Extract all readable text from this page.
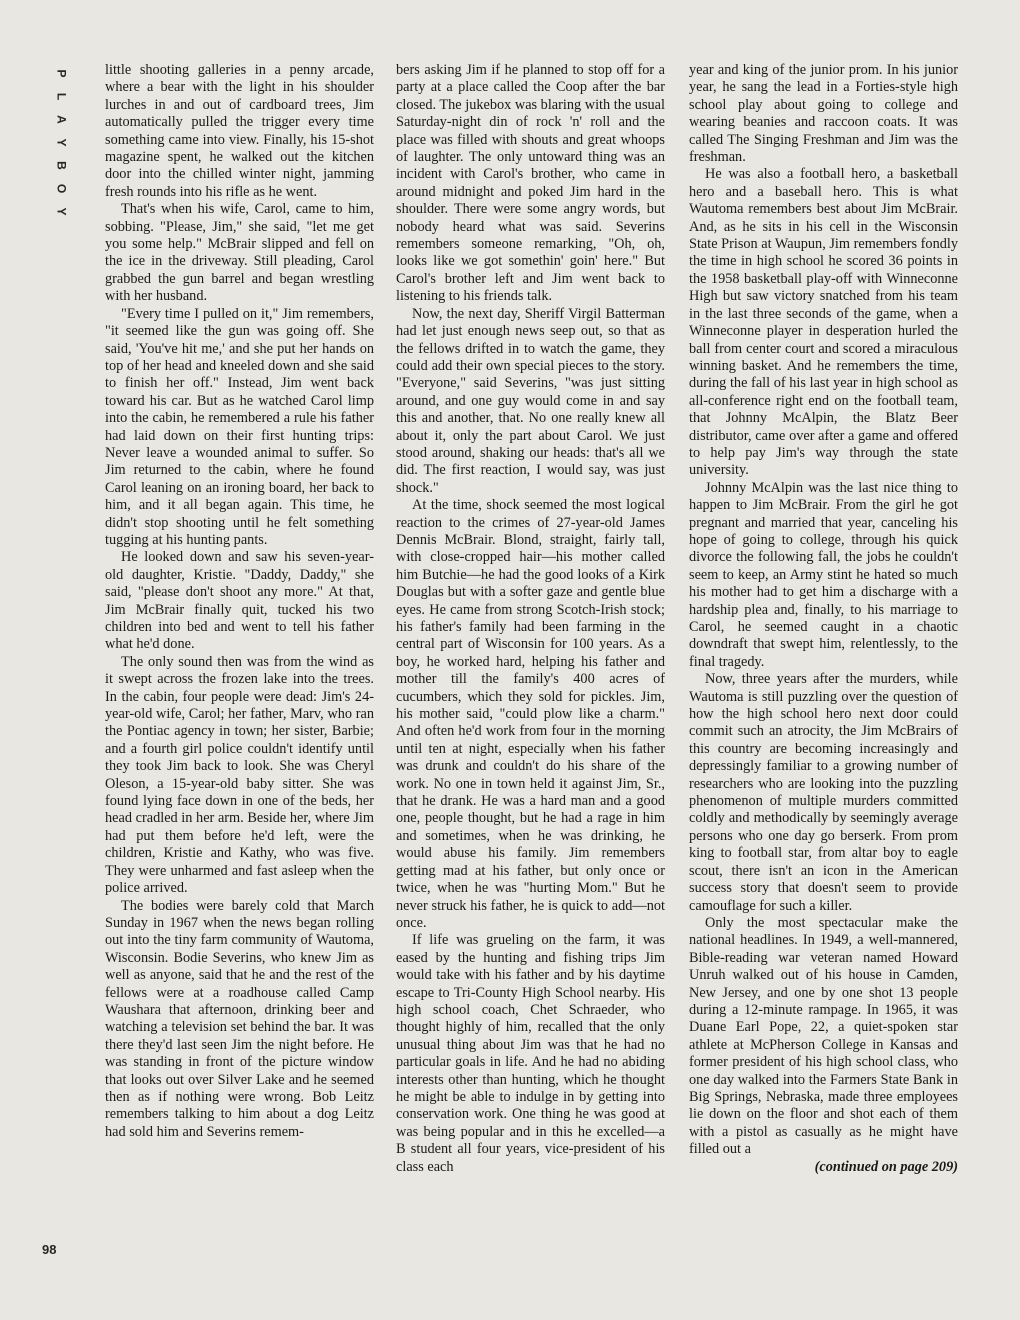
P
L
A
Y
B
O
Y

little shooting galleries in a penny arcade, where a bear with the light in his shoulder lurches in and out of cardboard trees, Jim automatically pulled the trigger every time something came into view. Finally, his 15-shot magazine spent, he walked out the kitchen door into the chilled winter night, jamming fresh rounds into his rifle as he went.

That's when his wife, Carol, came to him, sobbing. "Please, Jim," she said, "let me get you some help." McBrair slipped and fell on the ice in the driveway. Still pleading, Carol grabbed the gun barrel and began wrestling with her husband.

"Every time I pulled on it," Jim remembers, "it seemed like the gun was going off. She said, 'You've hit me,' and she put her hands on top of her head and kneeled down and she said to finish her off." Instead, Jim went back toward his car. But as he watched Carol limp into the cabin, he remembered a rule his father had laid down on their first hunting trips: Never leave a wounded animal to suffer. So Jim returned to the cabin, where he found Carol leaning on an ironing board, her back to him, and it all began again. This time, he didn't stop shooting until he felt something tugging at his hunting pants.

He looked down and saw his seven-year-old daughter, Kristie. "Daddy, Daddy," she said, "please don't shoot any more." At that, Jim McBrair finally quit, tucked his two children into bed and went to tell his father what he'd done.

The only sound then was from the wind as it swept across the frozen lake into the trees. In the cabin, four people were dead: Jim's 24-year-old wife, Carol; her father, Marv, who ran the Pontiac agency in town; her sister, Barbie; and a fourth girl police couldn't identify until they took Jim back to look. She was Cheryl Oleson, a 15-year-old baby sitter. She was found lying face down in one of the beds, her head cradled in her arm. Beside her, where Jim had put them before he'd left, were the children, Kristie and Kathy, who was five. They were unharmed and fast asleep when the police arrived.

The bodies were barely cold that March Sunday in 1967 when the news began rolling out into the tiny farm community of Wautoma, Wisconsin. Bodie Severins, who knew Jim as well as anyone, said that he and the rest of the fellows were at a roadhouse called Camp Waushara that afternoon, drinking beer and watching a television set behind the bar. It was there they'd last seen Jim the night before. He was standing in front of the picture window that looks out over Silver Lake and he seemed then as if nothing were wrong. Bob Leitz remembers talking to him about a dog Leitz had sold him and Severins remem-

bers asking Jim if he planned to stop off for a party at a place called the Coop after the bar closed. The jukebox was blaring with the usual Saturday-night din of rock 'n' roll and the place was filled with shouts and great whoops of laughter. The only untoward thing was an incident with Carol's brother, who came in around midnight and poked Jim hard in the shoulder. There were some angry words, but nobody heard what was said. Severins remembers someone remarking, "Oh, oh, looks like we got somethin' goin' here." But Carol's brother left and Jim went back to listening to his friends talk.

Now, the next day, Sheriff Virgil Batterman had let just enough news seep out, so that as the fellows drifted in to watch the game, they could add their own special pieces to the story. "Everyone," said Severins, "was just sitting around, and one guy would come in and say this and another, that. No one really knew all about it, only the part about Carol. We just stood around, shaking our heads: that's all we did. The first reaction, I would say, was just shock."

At the time, shock seemed the most logical reaction to the crimes of 27-year-old James Dennis McBrair. Blond, straight, fairly tall, with close-cropped hair—his mother called him Butchie—he had the good looks of a Kirk Douglas but with a softer gaze and gentle blue eyes. He came from strong Scotch-Irish stock; his father's family had been farming in the central part of Wisconsin for 100 years. As a boy, he worked hard, helping his father and mother till the family's 400 acres of cucumbers, which they sold for pickles. Jim, his mother said, "could plow like a charm." And often he'd work from four in the morning until ten at night, especially when his father was drunk and couldn't do his share of the work. No one in town held it against Jim, Sr., that he drank. He was a hard man and a good one, people thought, but he had a rage in him and sometimes, when he was drinking, he would abuse his family. Jim remembers getting mad at his father, but only once or twice, when he was "hurting Mom." But he never struck his father, he is quick to add—not once.

If life was grueling on the farm, it was eased by the hunting and fishing trips Jim would take with his father and by his daytime escape to Tri-County High School nearby. His high school coach, Chet Schraeder, who thought highly of him, recalled that the only unusual thing about Jim was that he had no particular goals in life. And he had no abiding interests other than hunting, which he thought he might be able to indulge in by getting into conservation work. One thing he was good at was being popular and in this he excelled—a B student all four years, vice-president of his class each

year and king of the junior prom. In his junior year, he sang the lead in a Forties-style high school play about going to college and wearing beanies and raccoon coats. It was called The Singing Freshman and Jim was the freshman.

He was also a football hero, a basketball hero and a baseball hero. This is what Wautoma remembers best about Jim McBrair. And, as he sits in his cell in the Wisconsin State Prison at Waupun, Jim remembers fondly the time in high school he scored 36 points in the 1958 basketball play-off with Winneconne High but saw victory snatched from his team in the last three seconds of the game, when a Winneconne player in desperation hurled the ball from center court and scored a miraculous winning basket. And he remembers the time, during the fall of his last year in high school as all-conference right end on the football team, that Johnny McAlpin, the Blatz Beer distributor, came over after a game and offered to help pay Jim's way through the state university.

Johnny McAlpin was the last nice thing to happen to Jim McBrair. From the girl he got pregnant and married that year, canceling his hope of going to college, through his quick divorce the following fall, the jobs he couldn't seem to keep, an Army stint he hated so much his mother had to get him a discharge with a hardship plea and, finally, to his marriage to Carol, he seemed caught in a chaotic downdraft that swept him, relentlessly, to the final tragedy.

Now, three years after the murders, while Wautoma is still puzzling over the question of how the high school hero next door could commit such an atrocity, the Jim McBrairs of this country are becoming increasingly and depressingly familiar to a growing number of researchers who are looking into the puzzling phenomenon of multiple murders committed coldly and methodically by seemingly average persons who one day go berserk. From prom king to football star, from altar boy to eagle scout, there isn't an icon in the American success story that doesn't seem to provide camouflage for such a killer.

Only the most spectacular make the national headlines. In 1949, a well-mannered, Bible-reading war veteran named Howard Unruh walked out of his house in Camden, New Jersey, and one by one shot 13 people during a 12-minute rampage. In 1965, it was Duane Earl Pope, 22, a quiet-spoken star athlete at McPherson College in Kansas and former president of his high school class, who one day walked into the Farmers State Bank in Big Springs, Nebraska, made three employees lie down on the floor and shot each of them with a pistol as casually as he might have filled out a

(continued on page 209)

98
